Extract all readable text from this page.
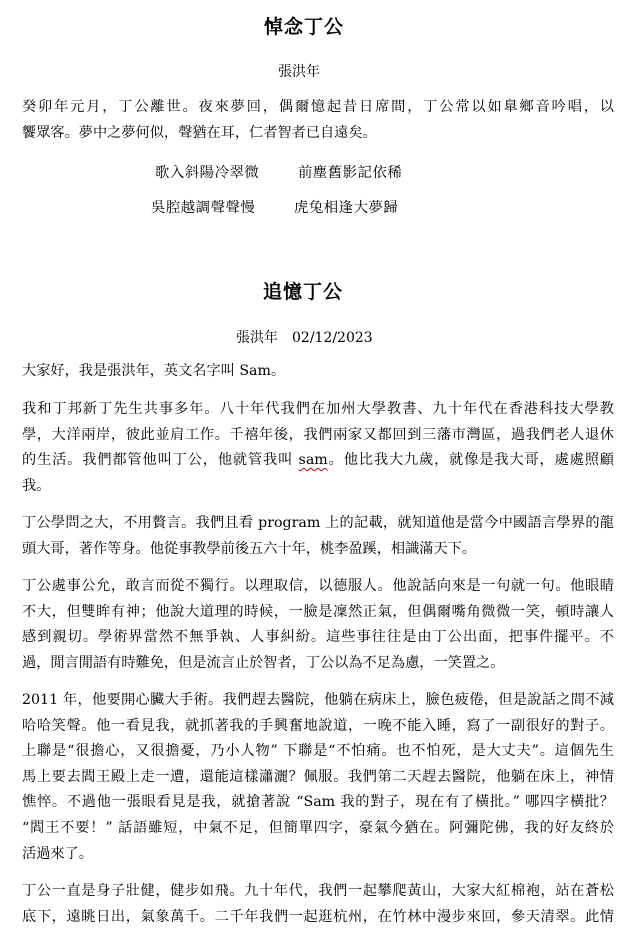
悼念丁公
張洪年
癸卯年元月，丁公離世。夜來夢回，偶爾憶起昔日席間，丁公常以如臯鄉音吟唱，以
饗眾客。夢中之夢何似，聲猶在耳，仁者智者已自遠矣。
歌入斜陽冷翠微	前塵舊影記依稀
吳腔越調聲聲慢	虎兔相逢大夢歸
追憶丁公
張洪年　02/12/2023
大家好，我是張洪年，英文名字叫 Sam。
我和丁邦新丁先生共事多年。八十年代我們在加州大學教書、九十年代在香港科技大學教
學，大洋兩岸，彼此並肩工作。千禧年後，我們兩家又都回到三藩市灣區，過我們老人退休
的生活。我們都管他叫丁公，他就管我叫 sam。他比我大九歲，就像是我大哥，處處照顧
我。
丁公學問之大，不用贅言。我們且看 program 上的記載，就知道他是當今中國語言學界的龍
頭大哥，著作等身。他從事教學前後五六十年，桃李盈蹊，相識滿天下。
丁公處事公允，敢言而從不獨行。以理取信，以德服人。他說話向來是一句就一句。他眼睛
不大，但雙眸有神；他說大道理的時候，一臉是凜然正氣，但偶爾嘴角微微一笑，頓時讓人
感到親切。學術界當然不無爭執、人事糾紛。這些事往往是由丁公出面，把事件擺平。不
過，閒言閒語有時難免，但是流言止於智者，丁公以為不足為慮，一笑置之。
2011 年，他要開心臟大手術。我們趕去醫院，他躺在病床上，臉色疲倦，但是說話之間不減
哈哈笑聲。他一看見我，就抓著我的手興奮地說道，一晚不能入睡，寫了一副很好的對子。
上聯是“很擔心，又很擔憂，乃小人物” 下聯是“不怕痛。也不怕死，是大丈夫”。這個先生
馬上要去閻王殿上走一遭，還能這樣瀟灑？佩服。我們第二天趕去醫院，他躺在床上，神情
憔悴。不過他一張眼看見是我，就搶著說 “Sam 我的對子，現在有了橫批。” 哪四字橫批？
“閻王不要！” 話語雖短，中氣不足，但簡單四字，豪氣今猶在。阿彌陀佛，我的好友終於
活過來了。
丁公一直是身子壯健，健步如飛。九十年代，我們一起攀爬黃山，大家大紅棉袍，站在蒼松
底下，遠眺日出，氣象萬千。二千年我們一起逛杭州，在竹林中漫步來回，參天清翠。此情
